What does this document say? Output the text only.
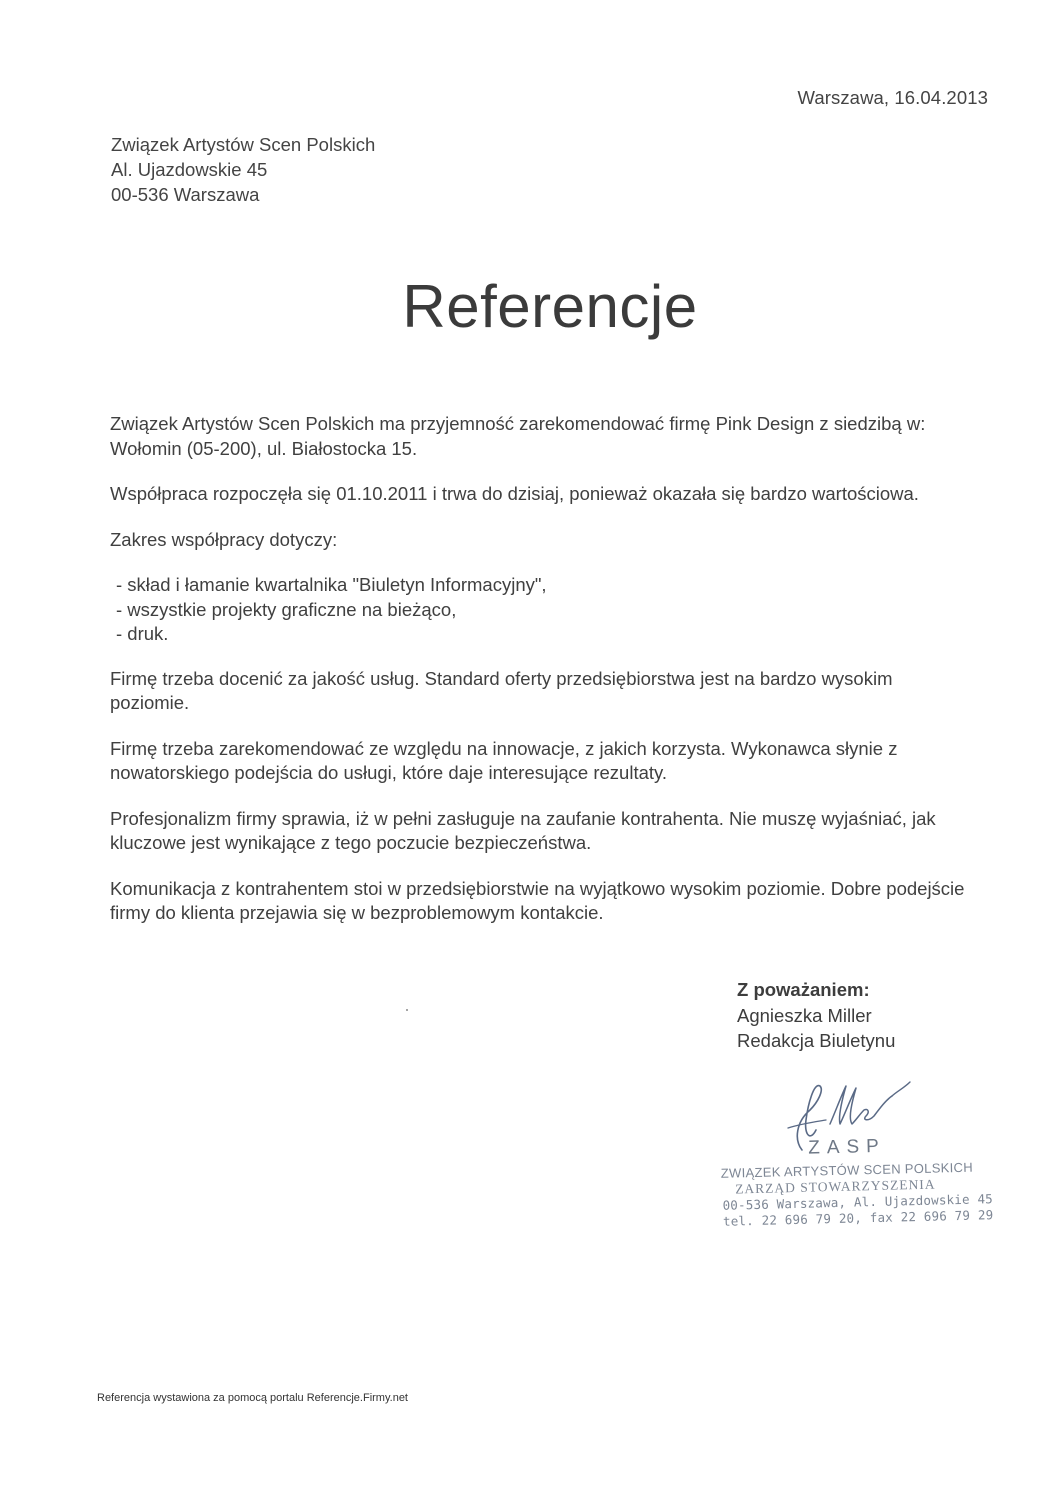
Warszawa, 16.04.2013
Związek Artystów Scen Polskich
Al. Ujazdowskie 45
00-536 Warszawa
Referencje

Związek Artystów Scen Polskich ma przyjemność zarekomendować firmę Pink Design z siedzibą w: Wołomin (05-200), ul. Białostocka 15.

Współpraca rozpoczęła się 01.10.2011 i trwa do dzisiaj, ponieważ okazała się bardzo wartościowa.

Zakres współpracy dotyczy:

- skład i łamanie kwartalnika "Biuletyn Informacyjny",
- wszystkie projekty graficzne na bieżąco,
- druk.

Firmę trzeba docenić za jakość usług. Standard oferty przedsiębiorstwa jest na bardzo wysokim poziomie.

Firmę trzeba zarekomendować ze względu na innowacje, z jakich korzysta. Wykonawca słynie z nowatorskiego podejścia do usługi, które daje interesujące rezultaty.

Profesjonalizm firmy sprawia, iż w pełni zasługuje na zaufanie kontrahenta. Nie muszę wyjaśniać, jak kluczowe jest wynikające z tego poczucie bezpieczeństwa.

Komunikacja z kontrahentem stoi w przedsiębiorstwie na wyjątkowo wysokim poziomie. Dobre podejście firmy do klienta przejawia się w bezproblemowym kontakcie.

Z poważaniem:
Agnieszka Miller
Redakcja Biuletynu
ZASP
ZWIĄZEK ARTYSTÓW SCEN POLSKICH
ZARZĄD STOWARZYSZENIA
00-536 Warszawa, Al. Ujazdowskie 45
tel. 22 696 79 20, fax 22 696 79 29
Referencja wystawiona za pomocą portalu Referencje.Firmy.net
